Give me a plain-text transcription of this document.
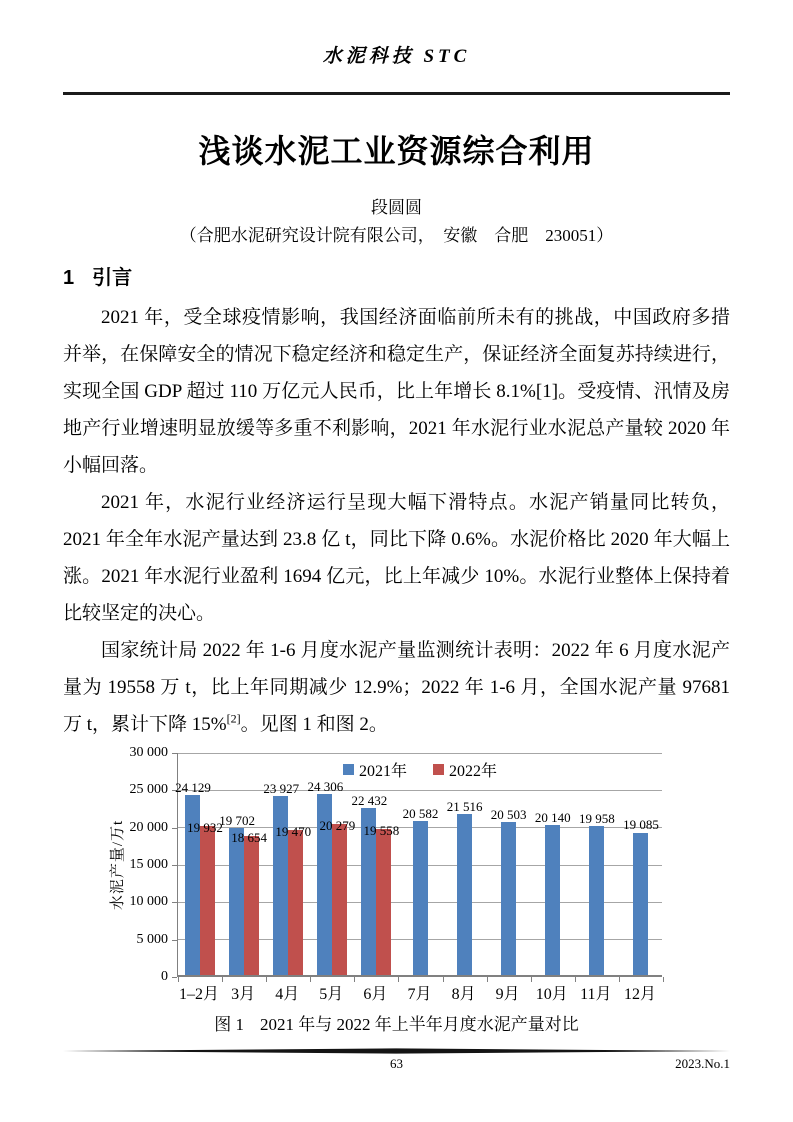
水泥科技 STC
浅谈水泥工业资源综合利用
段圆圆
（合肥水泥研究设计院有限公司，　安徽　合肥　230051）
1 引言

2021 年，受全球疫情影响，我国经济面临前所未有的挑战，中国政府多措并举，在保障安全的情况下稳定经济和稳定生产，保证经济全面复苏持续进行，实现全国 GDP 超过 110 万亿元人民币，比上年增长 8.1%[1]。受疫情、汛情及房地产行业增速明显放缓等多重不利影响，2021 年水泥行业水泥总产量较 2020 年小幅回落。

2021 年，水泥行业经济运行呈现大幅下滑特点。水泥产销量同比转负，2021 年全年水泥产量达到 23.8 亿 t，同比下降 0.6%。水泥价格比 2020 年大幅上涨。2021 年水泥行业盈利 1694 亿元，比上年减少 10%。水泥行业整体上保持着比较坚定的决心。

国家统计局 2022 年 1-6 月度水泥产量监测统计表明：2022 年 6 月度水泥产量为 19558 万 t，比上年同期减少 12.9%；2022 年 1-6 月，全国水泥产量 97681 万 t，累计下降 15%[2]。见图 1 和图 2。

水泥产量/万t
2021年	2022年
24 129
19 932
19 702
18 654
23 927
19 470
24 306
20 279
22 432
19 558
20 582 21 516
20 503 20 140 19 958 19 085
0
5 000
10 000
15 000
20 000
25 000
30 000
1–2月 3月	4月	5月	6月	7月	8月	9月	10月 11月 12月
图 1 2021 年与 2022 年上半年月度水泥产量对比
63	2023.No.1
